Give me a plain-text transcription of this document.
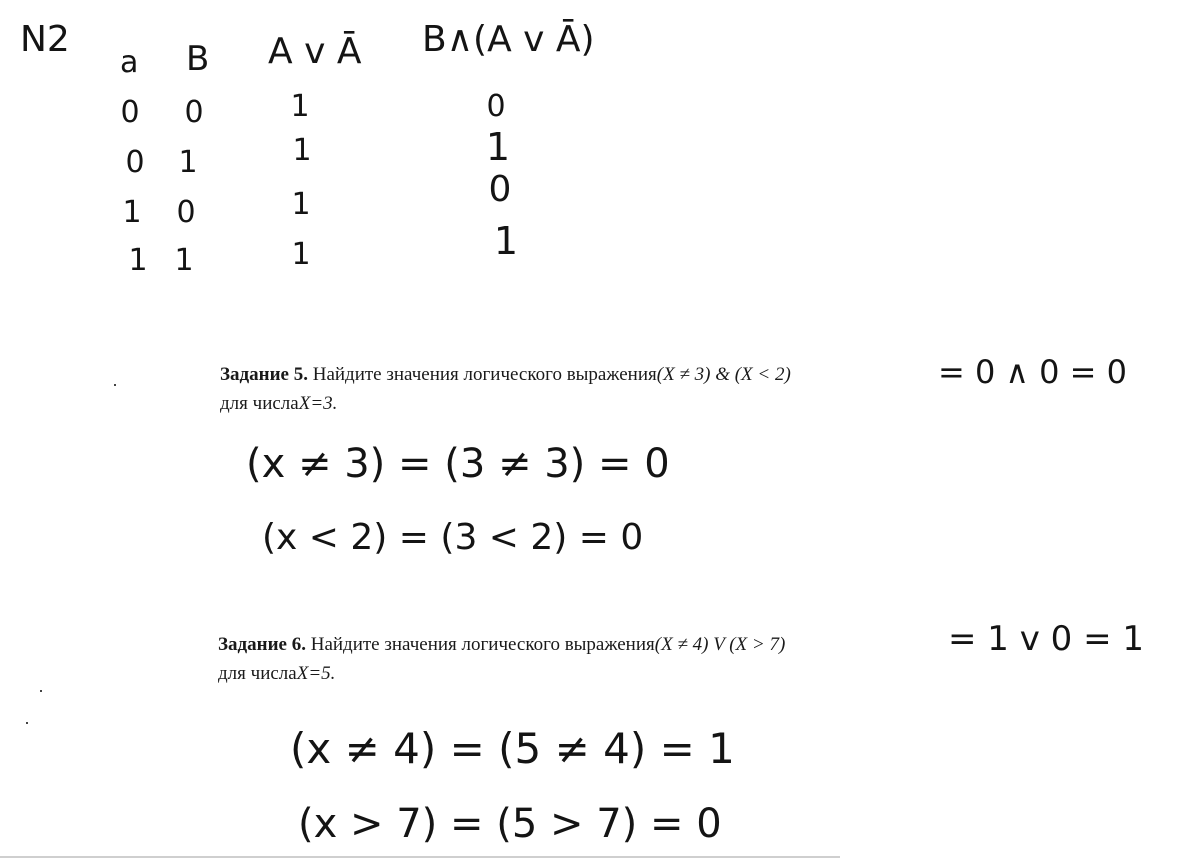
N2
a B A v Ā B∧(A v Ā)
0
0
1
1
0
1
0
1
1
1
1
1
0
1
0
1
Задание 5. Найдите значения логического выражения(X ≠ 3) & (X < 2)
для числаX=3.
= 0 ∧ 0 = 0
(x ≠ 3) = (3 ≠ 3) = 0
(x < 2) = (3 < 2) = 0
Задание 6. Найдите значения логического выражения(X ≠ 4) V (X > 7)
для числаX=5.
= 1 v 0 = 1
(x ≠ 4) = (5 ≠ 4) = 1
(x > 7) = (5 > 7) = 0
